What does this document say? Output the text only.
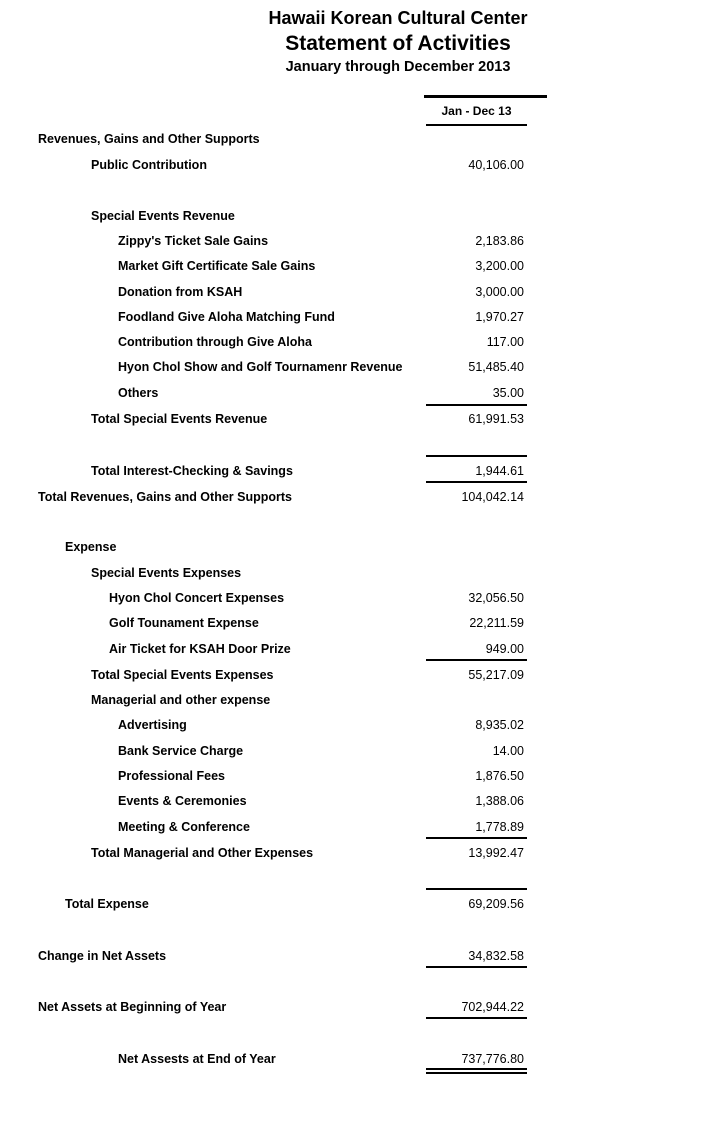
Hawaii Korean Cultural Center
Statement of Activities
January through December 2013
Jan - Dec 13
Revenues, Gains and Other Supports
Public Contribution	40,106.00
Special Events Revenue
Zippy's Ticket Sale Gains	2,183.86
Market Gift Certificate Sale Gains	3,200.00
Donation from KSAH	3,000.00
Foodland Give Aloha Matching Fund	1,970.27
Contribution through Give Aloha	117.00
Hyon Chol Show and Golf Tournamenr Revenue	51,485.40
Others	35.00
Total Special Events Revenue	61,991.53
Total Interest-Checking & Savings	1,944.61
Total Revenues, Gains and Other Supports	104,042.14
Expense
Special Events Expenses
Hyon Chol Concert Expenses	32,056.50
Golf Tounament Expense	22,211.59
Air Ticket for KSAH Door Prize	949.00
Total Special Events Expenses	55,217.09
Managerial and other expense
Advertising	8,935.02
Bank Service Charge	14.00
Professional Fees	1,876.50
Events & Ceremonies	1,388.06
Meeting & Conference	1,778.89
Total Managerial and Other Expenses	13,992.47
Total Expense	69,209.56
Change in Net Assets	34,832.58
Net Assets at Beginning of Year	702,944.22
Net Assests at End of Year	737,776.80
